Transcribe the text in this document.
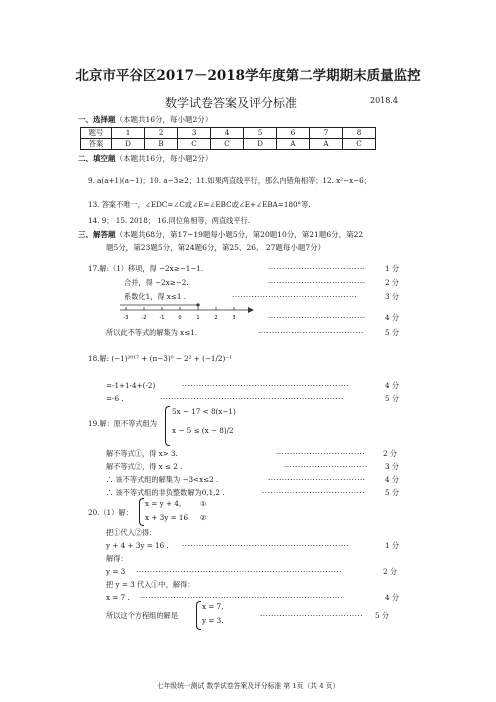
北京市平谷区2017－2018学年度第二学期期末质量监控
数学试卷答案及评分标准	2018.4
一、选择题（本题共16分，每小题2分）
题号	1	2	3	4	5	6	7	8
答案	D	B	C	C	D	A	A	C
二、填空题（本题共16分，每小题2分）
9. a(a+1)(a−1)；10. a−3≥2；11.如果两直线平行，那么内错角相等；12. x²−x−6；
13. 答案不唯一，∠EDC=∠C或∠E=∠EBC或∠E+∠EBA=180°等.
14. 9； 15. 2018； 16.同位角相等，两直线平行.
三、解答题（本题共68分，第17~19题每小题5分，第20题10分，第21题6分，第22
题5分，第23题5分，第24题6分，第25、26、 27题每小题7分）
17.解:（1）移项，得 −2x≥−1−1.	···································	1 分
合并，得 −2x≥−2.	···································	2 分
系数化1，得 x≤1 .	·············································	3 分
-3	-2	-1	0	1	2	3	···································	4 分
所以此不等式的解集为 x≤1.	······································	5 分
18.解: (−1)²⁰¹⁷ + (π−3)⁰ − 2² + (−1/2)⁻¹
=-1+1-4+(-2)	····························································	4 分
=-6 .	··································································	5 分
19.解：原不等式组为
5x − 17 < 8(x−1)
x − 5 ≤ (x − 8)/2
解不等式①，得 x> 3.	································ 2 分
解不等式②，得 x ≤ 2 .	······························ 3 分
∴ 该不等式组的解集为 −3<x≤2 .	···································	4 分
∴ 该不等式组的非负整数解为0,1,2 .	·····································	5 分
20.（1）解：
x = y + 4,	①
x + 3y = 16 ②
把①代入②得：
y + 4 + 3y = 16 . ····························································	1 分
解得：
y = 3 ··········································································	2 分
把 y = 3 代入①中，解得：
x = 7 . ·········································································	4 分
所以这个方程组的解是
x = 7,
y = 3.
····································· 5 分
七年级统一测试 数学试卷答案及评分标准 第 1页（共 4 页）
